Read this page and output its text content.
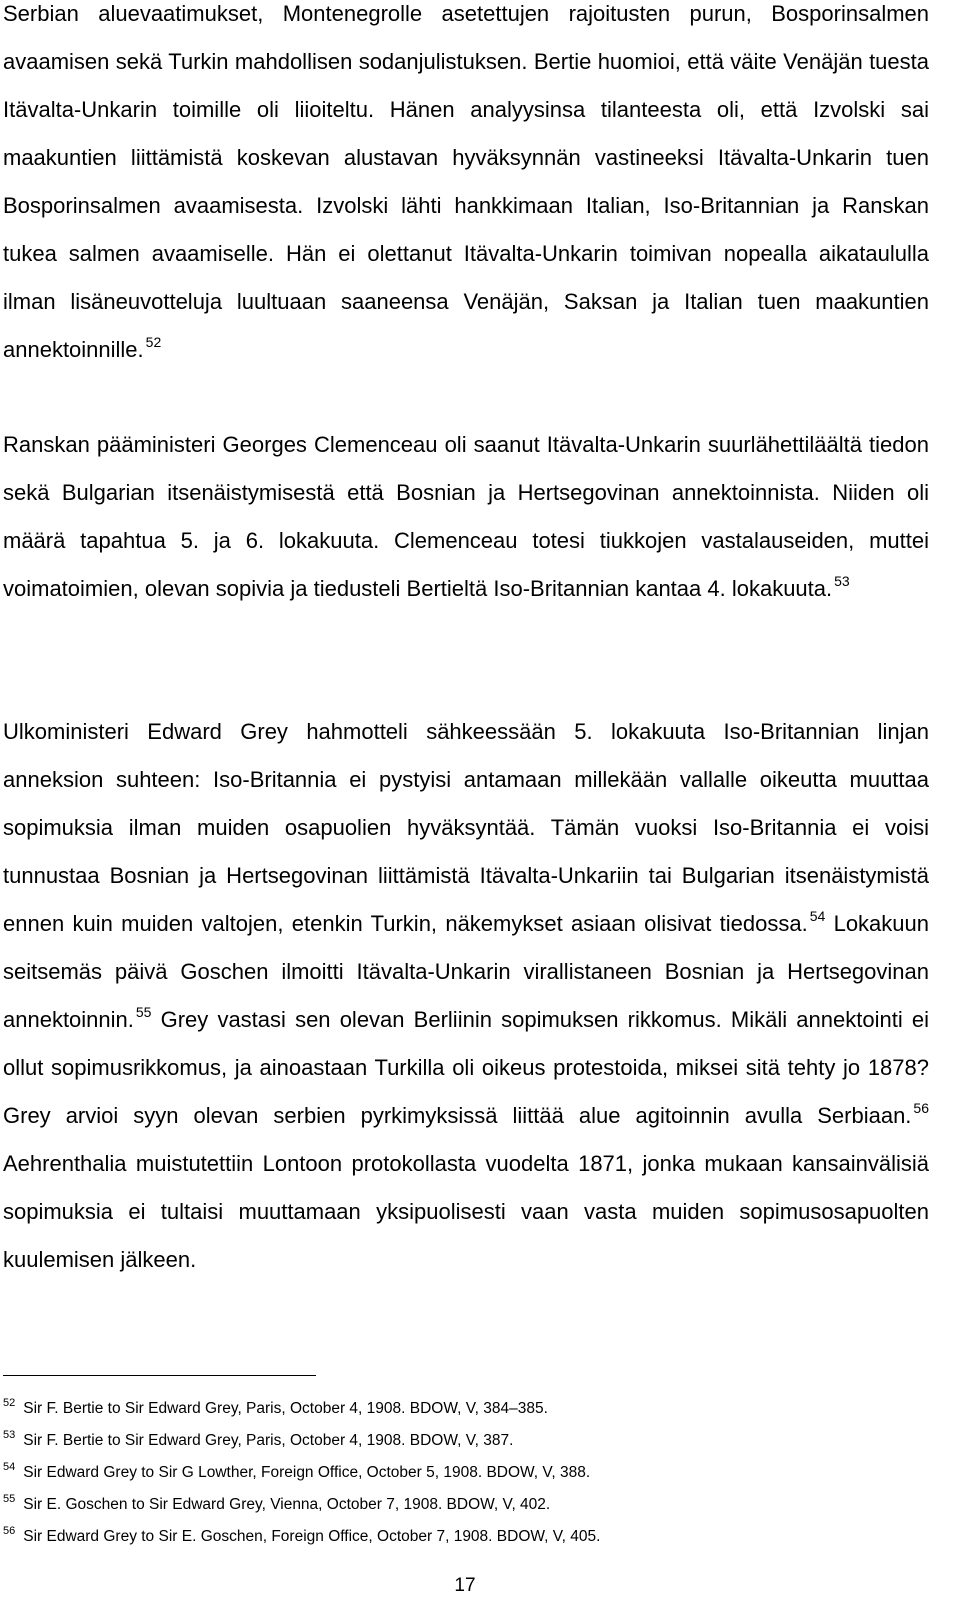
Serbian aluevaatimukset, Montenegrolle asetettujen rajoitusten purun, Bosporinsalmen avaamisen sekä Turkin mahdollisen sodanjulistuksen. Bertie huomioi, että väite Venäjän tuesta Itävalta-Unkarin toimille oli liioiteltu. Hänen analyysinsa tilanteesta oli, että Izvolski sai maakuntien liittämistä koskevan alustavan hyväksynnän vastineeksi Itävalta-Unkarin tuen Bosporinsalmen avaamisesta. Izvolski lähti hankkimaan Italian, Iso-Britannian ja Ranskan tukea salmen avaamiselle. Hän ei olettanut Itävalta-Unkarin toimivan nopealla aikataululla ilman lisäneuvotteluja luultuaan saaneensa Venäjän, Saksan ja Italian tuen maakuntien annektoinnille. $^{52}$

Ranskan pääministeri Georges Clemenceau oli saanut Itävalta-Unkarin suurlähettiläältä tiedon sekä Bulgarian itsenäistymisestä että Bosnian ja Hertsegovinan annektoinnista. Niiden oli määrä tapahtua 5. ja 6. lokakuuta. Clemenceau totesi tiukkojen vastalauseiden, muttei voimatoimien, olevan sopivia ja tiedusteli Bertieltä Iso-Britannian kantaa 4. lokakuuta. $^{53}$

Ulkoministeri Edward Grey hahmotteli sähkeessään 5. lokakuuta Iso-Britannian linjan anneksion suhteen: Iso-Britannia ei pystyisi antamaan millekään vallalle oikeutta muuttaa sopimuksia ilman muiden osapuolien hyväksyntää. Tämän vuoksi Iso-Britannia ei voisi tunnustaa Bosnian ja Hertsegovinan liittämistä Itävalta-Unkariin tai Bulgarian itsenäistymistä ennen kuin muiden valtojen, etenkin Turkin, näkemykset asiaan olisivat tiedossa. $^{54}$ Lokakuun seitsemäs päivä Goschen ilmoitti Itävalta-Unkarin virallistaneen Bosnian ja Hertsegovinan annektoinnin. $^{55}$ Grey vastasi sen olevan Berliinin sopimuksen rikkomus. Mikäli annektointi ei ollut sopimusrikkomus, ja ainoastaan Turkilla oli oikeus protestoida, miksei sitä tehty jo 1878? Grey arvioi syyn olevan serbien pyrkimyksissä liittää alue agitoinnin avulla Serbiaan. $^{56}$ Aehrenthalia muistutettiin Lontoon protokollasta vuodelta 1871, jonka mukaan kansainvälisiä sopimuksia ei tultaisi muuttamaan yksipuolisesti vaan vasta muiden sopimusosapuolten kuulemisen jälkeen.

$^{52}$ Sir F. Bertie to Sir Edward Grey, Paris, October 4, 1908. BDOW, V, 384–385.
$^{53}$ Sir F. Bertie to Sir Edward Grey, Paris, October 4, 1908. BDOW, V, 387.
$^{54}$ Sir Edward Grey to Sir G Lowther, Foreign Office, October 5, 1908. BDOW, V, 388.
$^{55}$ Sir E. Goschen to Sir Edward Grey, Vienna, October 7, 1908. BDOW, V, 402.
$^{56}$ Sir Edward Grey to Sir E. Goschen, Foreign Office, October 7, 1908. BDOW, V, 405.
17
